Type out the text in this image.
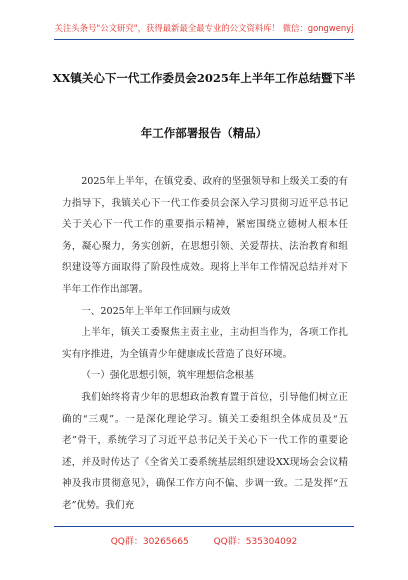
关注头条号"公文研究"，获得最新最全最专业的公文资料库！ 微信：gongwenyj
XX镇关心下一代工作委员会2025年上半年工作总结暨下半
年工作部署报告（精品）

2025年上半年，在镇党委、政府的坚强领导和上级关工委的有力指导下，我镇关心下一代工作委员会深入学习贯彻习近平总书记关于关心下一代工作的重要指示精神，紧密围绕立德树人根本任务，凝心聚力，务实创新，在思想引领、关爱帮扶、法治教育和组织建设等方面取得了阶段性成效。现将上半年工作情况总结并对下半年工作作出部署。

一、2025年上半年工作回顾与成效

上半年，镇关工委聚焦主责主业，主动担当作为，各项工作扎实有序推进，为全镇青少年健康成长营造了良好环境。

（一）强化思想引领，筑牢理想信念根基

我们始终将青少年的思想政治教育置于首位，引导他们树立正确的“三观”。一是深化理论学习。镇关工委组织全体成员及“五老”骨干，系统学习了习近平总书记关于关心下一代工作的重要论述，并及时传达了《全省关工委系统基层组织建设XX现场会会议精神及我市贯彻意见》，确保工作方向不偏、步调一致。二是发挥“五老”优势。我们充

QQ群：30265665	QQ群：535304092
